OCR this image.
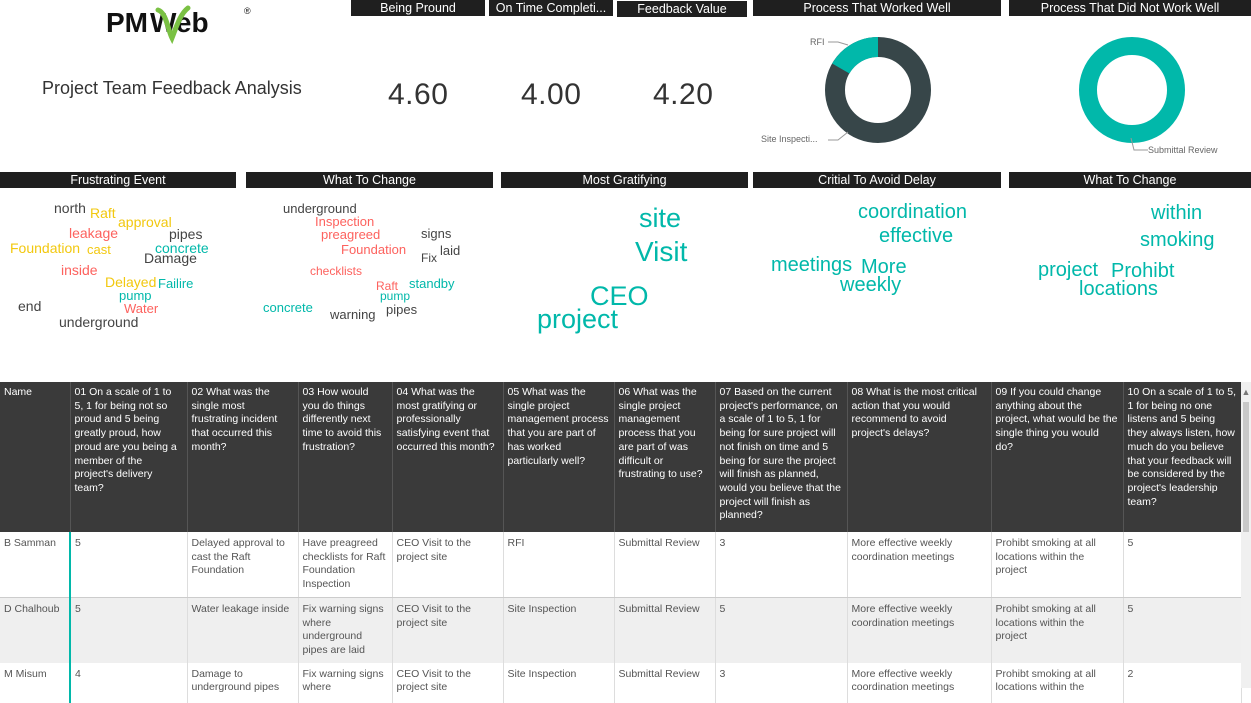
PM Web	®
Project Team Feedback Analysis
Being Pround	On Time Completi...	Feedback Value
4.60 4.00 4.20
Process That Worked Well
RFI
Site Inspecti...
Process That Did Not Work Well
Submittal Review
Frustrating Event	What To Change	Most Gratifying	Critial To Avoid Delay	What To Change
north Raft
approval
pipes
leakage
Foundation cast
Damage
concrete
inside
Delayed Failire
pump
Water
end
underground
underground
Inspection
preagreed	signs
Foundation	laid
Fix
checklists
Raft standby
pump
concrete warning pipes
site
Visit
CEO
project
coordination
effective
meetings More
weekly
within
smoking
project Prohibt
locations
Name	01 On a scale of 1 to 5, 1 for being not so proud and 5 being greatly proud, how proud are you being a member of the project's delivery team?	02 What was the single most frustrating incident that occurred this month?	03 How would you do things differently next time to avoid this frustration?	04 What was the most gratifying or professionally satisfying event that occurred this month?	05 What was the single project management process that you are part of has worked particularly well?	06 What was the single project management process that you are part of was difficult or frustrating to use?	07 Based on the current project's performance, on a scale of 1 to 5, 1 for being for sure project will not finish on time and 5 being for sure the project will finish as planned, would you believe that the project will finish as planned?	08 What is the most critical action that you would recommend to avoid project's delays?	09 If you could change anything about the project, what would be the single thing you would do?	10 On a scale of 1 to 5, 1 for being no one listens and 5 being they always listen, how much do you believe that your feedback will be considered by the project's leadership team?
B Samman	5	Delayed approval to cast the Raft Foundation	Have preagreed checklists for Raft Foundation Inspection	CEO Visit to the project site	RFI	Submittal Review	3	More effective weekly coordination meetings	Prohibt smoking at all locations within the project	5
D Chalhoub	5	Water leakage inside	Fix warning signs where underground pipes are laid	CEO Visit to the project site	Site Inspection	Submittal Review	5	More effective weekly coordination meetings	Prohibt smoking at all locations within the project	5
M Misum	4	Damage to underground pipes	Fix warning signs where	CEO Visit to the project site	Site Inspection	Submittal Review	3	More effective weekly coordination meetings	Prohibt smoking at all locations within the	2
▲
